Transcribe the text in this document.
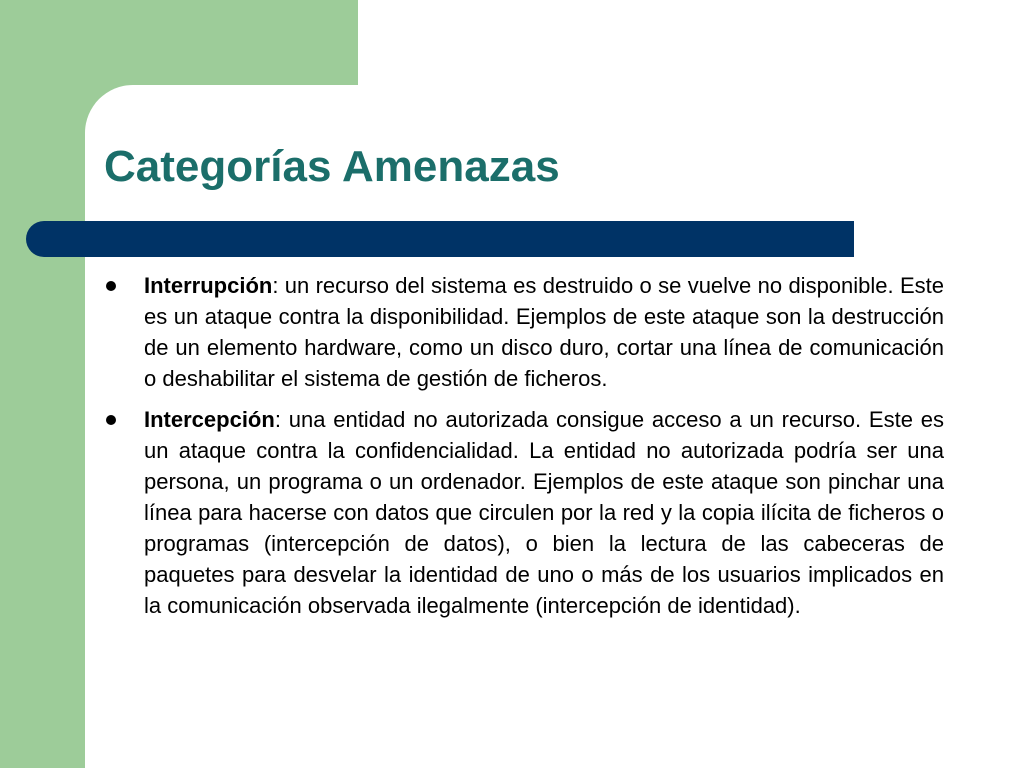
Categorías Amenazas
Interrupción: un recurso del sistema es destruido o se vuelve no disponible. Este es un ataque contra la disponibilidad. Ejemplos de este ataque son la destrucción de un elemento hardware, como un disco duro, cortar una línea de comunicación o deshabilitar el sistema de gestión de ficheros.
Intercepción: una entidad no autorizada consigue acceso a un recurso. Este es un ataque contra la confidencialidad. La entidad no autorizada podría ser una persona, un programa o un ordenador. Ejemplos de este ataque son pinchar una línea para hacerse con datos que circulen por la red y la copia ilícita de ficheros o programas (intercepción de datos), o bien la lectura de las cabeceras de paquetes para desvelar la identidad de uno o más de los usuarios implicados en la comunicación observada ilegalmente (intercepción de identidad).
